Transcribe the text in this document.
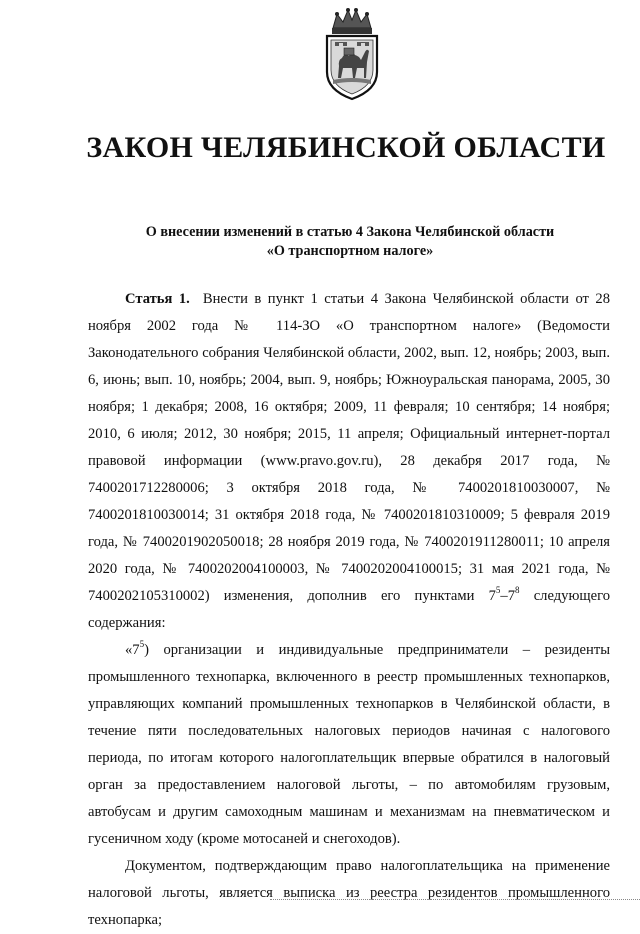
ЗАКОН ЧЕЛЯБИНСКОЙ ОБЛАСТИ
О внесении изменений в статью 4 Закона Челябинской области
«О транспортном налоге»

Статья 1. Внести в пункт 1 статьи 4 Закона Челябинской области от 28 ноября 2002 года № 114-ЗО «О транспортном налоге» (Ведомости Законодательного собрания Челябинской области, 2002, вып. 12, ноябрь; 2003, вып. 6, июнь; вып. 10, ноябрь; 2004, вып. 9, ноябрь; Южноуральская панорама, 2005, 30 ноября; 1 декабря; 2008, 16 октября; 2009, 11 февраля; 10 сентября; 14 ноября; 2010, 6 июля; 2012, 30 ноября; 2015, 11 апреля; Официальный интернет-портал правовой информации (www.pravo.gov.ru), 28 декабря 2017 года, № 7400201712280006; 3 октября 2018 года, № 7400201810030007, № 7400201810030014; 31 октября 2018 года, № 7400201810310009; 5 февраля 2019 года, № 7400201902050018; 28 ноября 2019 года, № 7400201911280011; 10 апреля 2020 года, № 7400202004100003, № 7400202004100015; 31 мая 2021 года, № 7400202105310002) изменения, дополнив его пунктами $7^5-7^8$ следующего содержания:

«$7^5$) организации и индивидуальные предприниматели – резиденты промышленного технопарка, включенного в реестр промышленных технопарков, управляющих компаний промышленных технопарков в Челябинской области, в течение пяти последовательных налоговых периодов начиная с налогового периода, по итогам которого налогоплательщик впервые обратился в налоговый орган за предоставлением налоговой льготы, – по автомобилям грузовым, автобусам и другим самоходным машинам и механизмам на пневматическом и гусеничном ходу (кроме мотосаней и снегоходов).

Документом, подтверждающим право налогоплательщика на применение налоговой льготы, является выписка из реестра резидентов промышленного технопарка;
